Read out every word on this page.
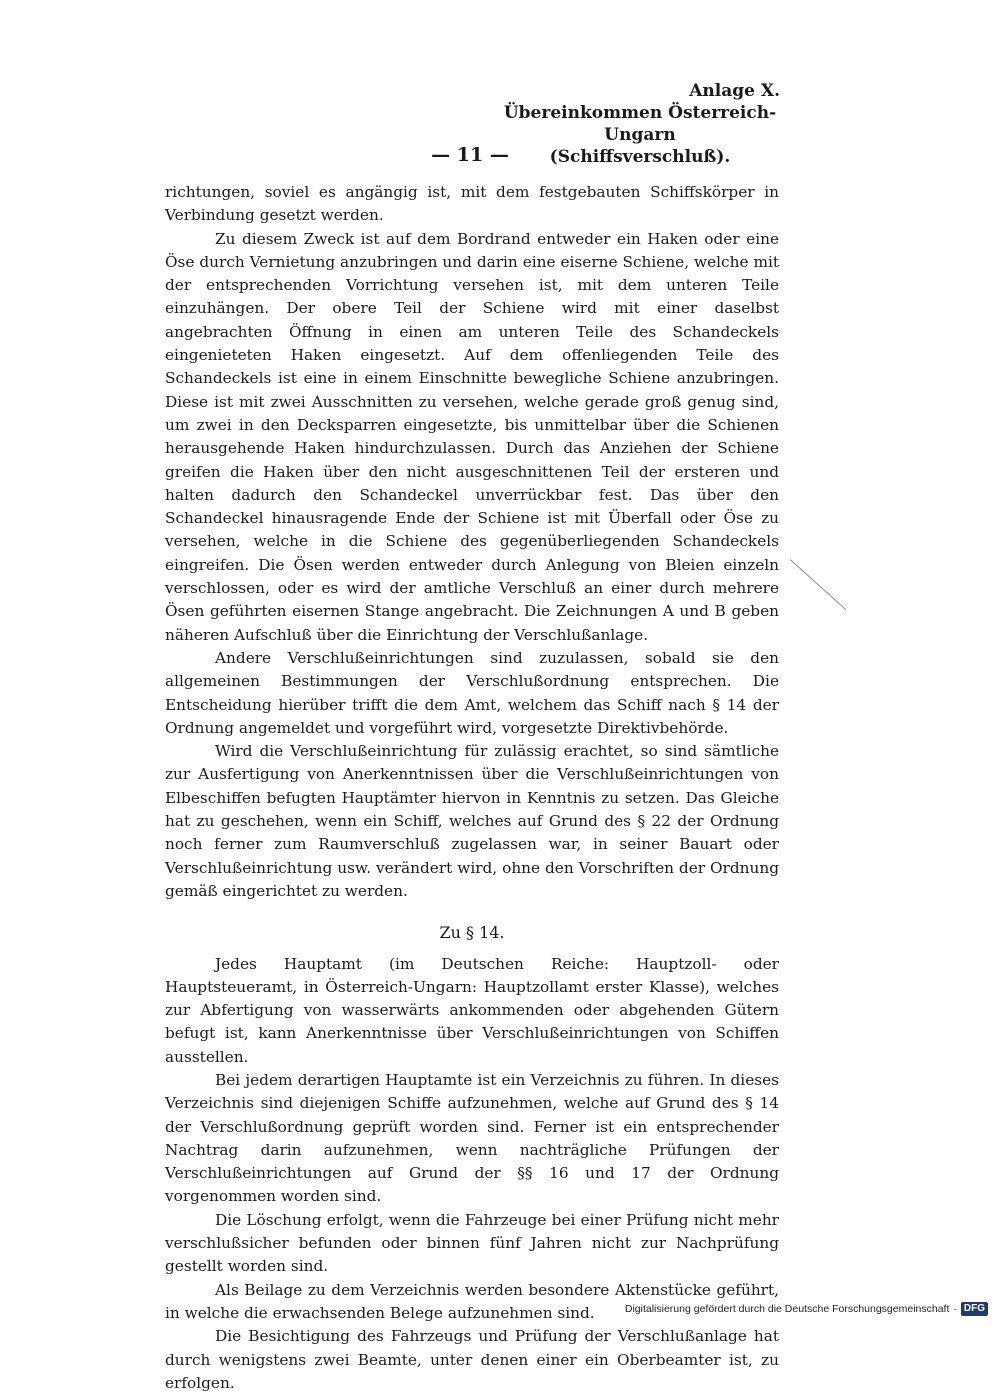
Anlage X.
Übereinkommen Österreich-Ungarn
(Schiffsverschluß).
— 11 —

richtungen, soviel es angängig ist, mit dem festgebauten Schiffskörper in Verbindung gesetzt werden.

Zu diesem Zweck ist auf dem Bordrand entweder ein Haken oder eine Öse durch Vernietung anzubringen und darin eine eiserne Schiene, welche mit der entsprechenden Vorrichtung versehen ist, mit dem unteren Teile einzuhängen. Der obere Teil der Schiene wird mit einer daselbst angebrachten Öffnung in einen am unteren Teile des Schandeckels eingenieteten Haken eingesetzt. Auf dem offenliegenden Teile des Schandeckels ist eine in einem Einschnitte bewegliche Schiene anzubringen. Diese ist mit zwei Ausschnitten zu versehen, welche gerade groß genug sind, um zwei in den Decksparren eingesetzte, bis unmittelbar über die Schienen herausgehende Haken hindurchzulassen. Durch das Anziehen der Schiene greifen die Haken über den nicht ausgeschnittenen Teil der ersteren und halten dadurch den Schandeckel unverrückbar fest. Das über den Schandeckel hinausragende Ende der Schiene ist mit Überfall oder Öse zu versehen, welche in die Schiene des gegenüberliegenden Schandeckels eingreifen. Die Ösen werden entweder durch Anlegung von Bleien einzeln verschlossen, oder es wird der amtliche Verschluß an einer durch mehrere Ösen geführten eisernen Stange angebracht. Die Zeichnungen A und B geben näheren Aufschluß über die Einrichtung der Verschlußanlage.

Andere Verschlußeinrichtungen sind zuzulassen, sobald sie den allgemeinen Bestimmungen der Verschlußordnung entsprechen. Die Entscheidung hierüber trifft die dem Amt, welchem das Schiff nach § 14 der Ordnung angemeldet und vorgeführt wird, vorgesetzte Direktivbehörde.

Wird die Verschlußeinrichtung für zulässig erachtet, so sind sämtliche zur Ausfertigung von Anerkenntnissen über die Verschlußeinrichtungen von Elbeschiffen befugten Hauptämter hiervon in Kenntnis zu setzen. Das Gleiche hat zu geschehen, wenn ein Schiff, welches auf Grund des § 22 der Ordnung noch ferner zum Raumverschluß zugelassen war, in seiner Bauart oder Verschlußeinrichtung usw. verändert wird, ohne den Vorschriften der Ordnung gemäß eingerichtet zu werden.

Zu § 14.

Jedes Hauptamt (im Deutschen Reiche: Hauptzoll- oder Hauptsteueramt, in Österreich-Ungarn: Hauptzollamt erster Klasse), welches zur Abfertigung von wasserwärts ankommenden oder abgehenden Gütern befugt ist, kann Anerkenntnisse über Verschlußeinrichtungen von Schiffen ausstellen.

Bei jedem derartigen Hauptamte ist ein Verzeichnis zu führen. In dieses Verzeichnis sind diejenigen Schiffe aufzunehmen, welche auf Grund des § 14 der Verschlußordnung geprüft worden sind. Ferner ist ein entsprechender Nachtrag darin aufzunehmen, wenn nachträgliche Prüfungen der Verschlußeinrichtungen auf Grund der §§ 16 und 17 der Ordnung vorgenommen worden sind.

Die Löschung erfolgt, wenn die Fahrzeuge bei einer Prüfung nicht mehr verschlußsicher befunden oder binnen fünf Jahren nicht zur Nachprüfung gestellt worden sind.

Als Beilage zu dem Verzeichnis werden besondere Aktenstücke geführt, in welche die erwachsenden Belege aufzunehmen sind.

Die Besichtigung des Fahrzeugs und Prüfung der Verschlußanlage hat durch wenigstens zwei Beamte, unter denen einer ein Oberbeamter ist, zu erfolgen.

Digitalisierung gefördert durch die Deutsche Forschungsgemeinschaft · DFG
